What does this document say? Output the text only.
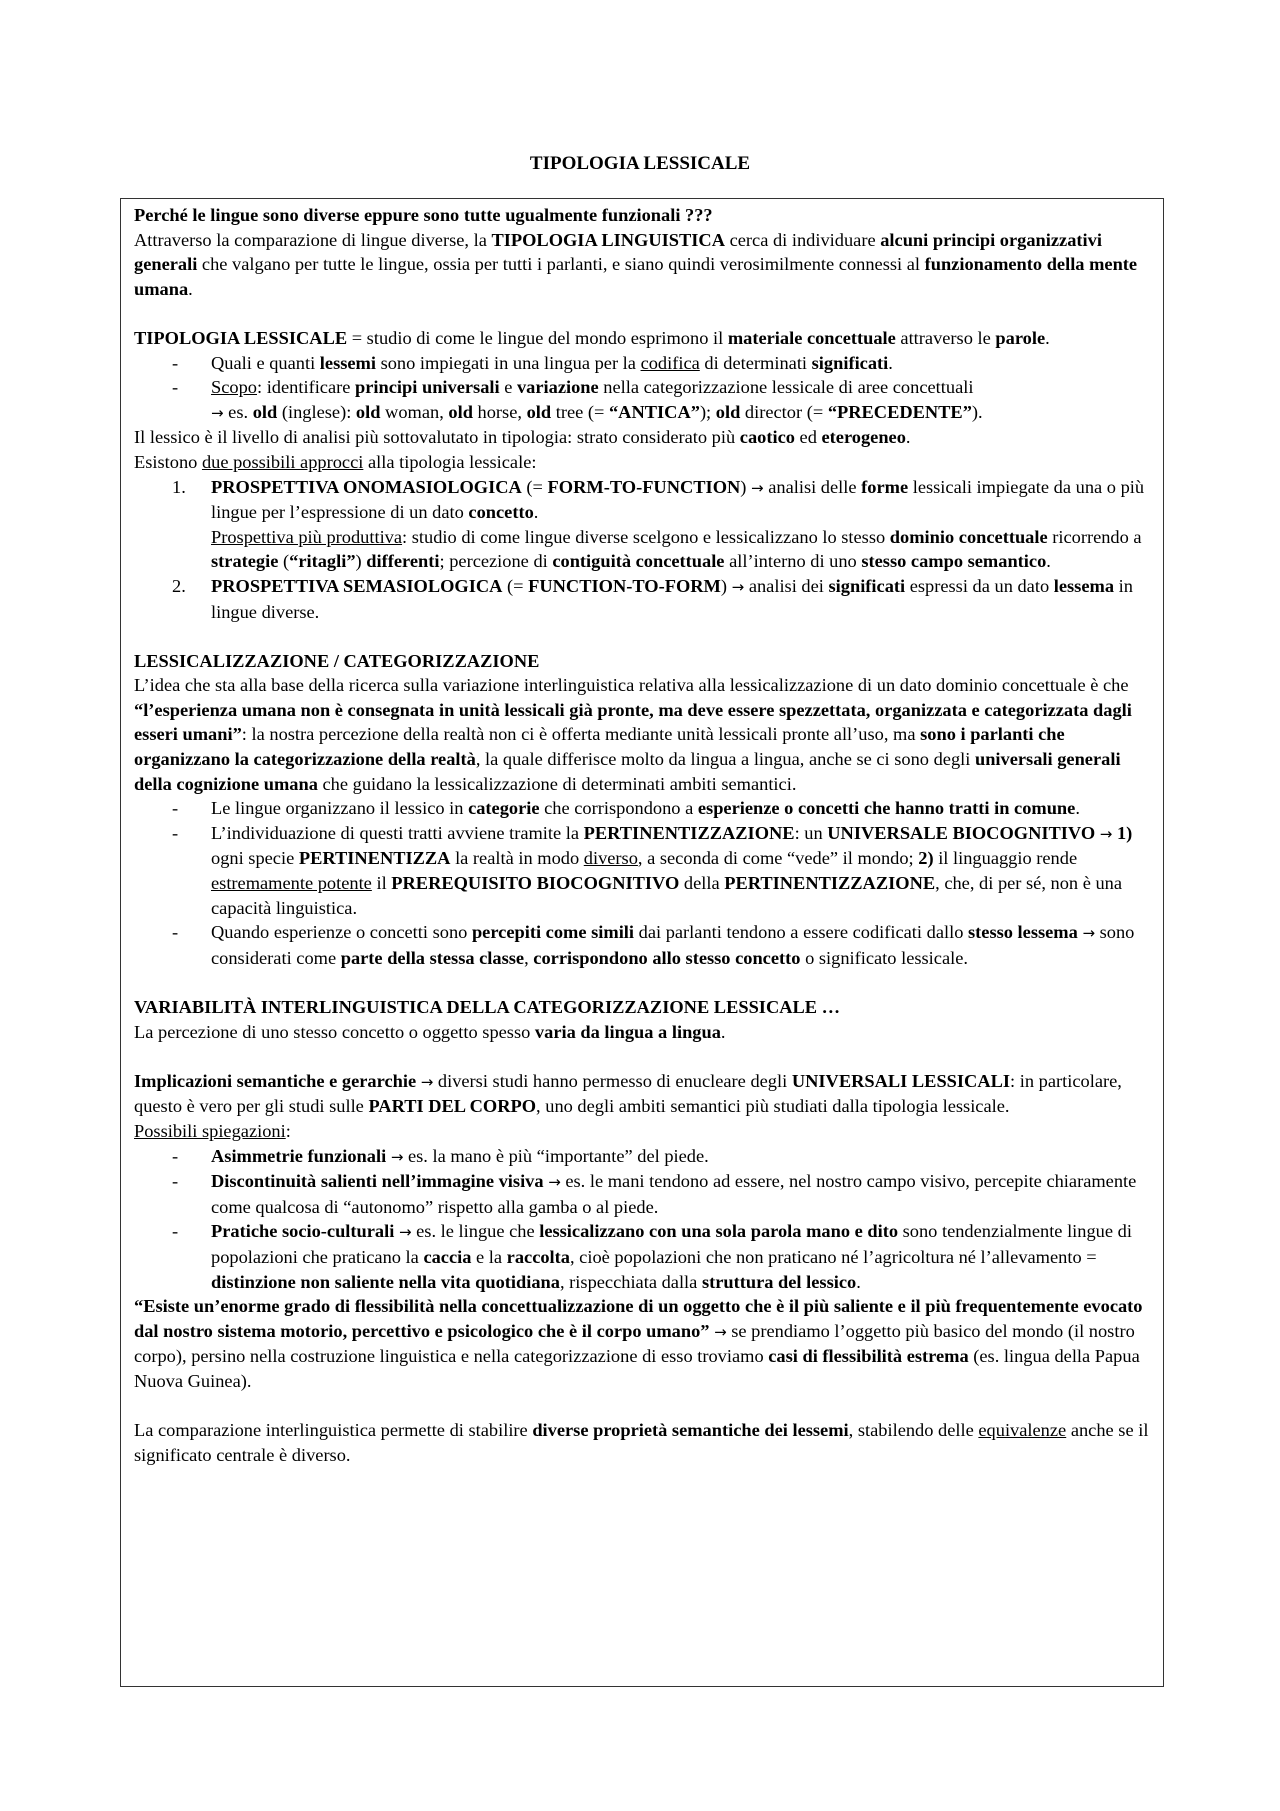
TIPOLOGIA LESSICALE

Perché le lingue sono diverse eppure sono tutte ugualmente funzionali ???

Attraverso la comparazione di lingue diverse, la TIPOLOGIA LINGUISTICA cerca di individuare alcuni principi organizzativi generali che valgano per tutte le lingue, ossia per tutti i parlanti, e siano quindi verosimilmente connessi al funzionamento della mente umana.

TIPOLOGIA LESSICALE = studio di come le lingue del mondo esprimono il materiale concettuale attraverso le parole.

- Quali e quanti lessemi sono impiegati in una lingua per la codifica di determinati significati.
- Scopo: identificare principi universali e variazione nella categorizzazione lessicale di aree concettuali
→ es. old (inglese): old woman, old horse, old tree (= “ANTICA”); old director (= “PRECEDENTE”).

Il lessico è il livello di analisi più sottovalutato in tipologia: strato considerato più caotico ed eterogeneo.

Esistono due possibili approcci alla tipologia lessicale:

1. PROSPETTIVA ONOMASIOLOGICA (= FORM-TO-FUNCTION) → analisi delle forme lessicali impiegate da una o più lingue per l’espressione di un dato concetto.
Prospettiva più produttiva: studio di come lingue diverse scelgono e lessicalizzano lo stesso dominio concettuale ricorrendo a strategie (“ritagli”) differenti; percezione di contiguità concettuale all’interno di uno stesso campo semantico.
2. PROSPETTIVA SEMASIOLOGICA (= FUNCTION-TO-FORM) → analisi dei significati espressi da un dato lessema in lingue diverse.

LESSICALIZZAZIONE / CATEGORIZZAZIONE

L’idea che sta alla base della ricerca sulla variazione interlinguistica relativa alla lessicalizzazione di un dato dominio concettuale è che “l’esperienza umana non è consegnata in unità lessicali già pronte, ma deve essere spezzettata, organizzata e categorizzata dagli esseri umani”: la nostra percezione della realtà non ci è offerta mediante unità lessicali pronte all’uso, ma sono i parlanti che organizzano la categorizzazione della realtà, la quale differisce molto da lingua a lingua, anche se ci sono degli universali generali della cognizione umana che guidano la lessicalizzazione di determinati ambiti semantici.

- Le lingue organizzano il lessico in categorie che corrispondono a esperienze o concetti che hanno tratti in comune.
- L’individuazione di questi tratti avviene tramite la PERTINENTIZZAZIONE: un UNIVERSALE BIOCOGNITIVO → 1) ogni specie PERTINENTIZZA la realtà in modo diverso, a seconda di come “vede” il mondo; 2) il linguaggio rende estremamente potente il PREREQUISITO BIOCOGNITIVO della PERTINENTIZZAZIONE, che, di per sé, non è una capacità linguistica.
- Quando esperienze o concetti sono percepiti come simili dai parlanti tendono a essere codificati dallo stesso lessema → sono considerati come parte della stessa classe, corrispondono allo stesso concetto o significato lessicale.

VARIABILITÀ INTERLINGUISTICA DELLA CATEGORIZZAZIONE LESSICALE …

La percezione di uno stesso concetto o oggetto spesso varia da lingua a lingua.

Implicazioni semantiche e gerarchie → diversi studi hanno permesso di enucleare degli UNIVERSALI LESSICALI: in particolare, questo è vero per gli studi sulle PARTI DEL CORPO, uno degli ambiti semantici più studiati dalla tipologia lessicale.

Possibili spiegazioni:

- Asimmetrie funzionali → es. la mano è più “importante” del piede.
- Discontinuità salienti nell’immagine visiva → es. le mani tendono ad essere, nel nostro campo visivo, percepite chiaramente come qualcosa di “autonomo” rispetto alla gamba o al piede.
- Pratiche socio-culturali → es. le lingue che lessicalizzano con una sola parola mano e dito sono tendenzialmente lingue di popolazioni che praticano la caccia e la raccolta, cioè popolazioni che non praticano né l’agricoltura né l’allevamento = distinzione non saliente nella vita quotidiana, rispecchiata dalla struttura del lessico.

“Esiste un’enorme grado di flessibilità nella concettualizzazione di un oggetto che è il più saliente e il più frequentemente evocato dal nostro sistema motorio, percettivo e psicologico che è il corpo umano” → se prendiamo l’oggetto più basico del mondo (il nostro corpo), persino nella costruzione linguistica e nella categorizzazione di esso troviamo casi di flessibilità estrema (es. lingua della Papua Nuova Guinea).

La comparazione interlinguistica permette di stabilire diverse proprietà semantiche dei lessemi, stabilendo delle equivalenze anche se il significato centrale è diverso.
